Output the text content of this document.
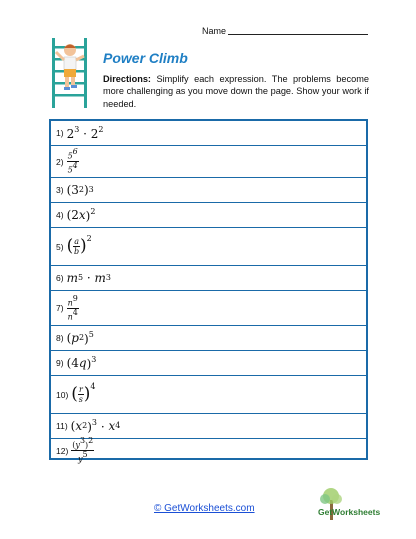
Name
Power Climb
Directions: Simplify each expression. The problems become more challenging as you move down the page. Show your work if needed.
1) $2^3 \cdot 2^2$
$2) \frac{5^6}{5^4}$
3) ($3^2$ )$^3$
4) (2 x )$^2$
5) ( $\frac{a}{b} )^2$
6) $m^5$
· $m^3$
$7) \frac{n^9}{n^4}$
8) ( $p^2$ )$^5$
9) (4 q )$^3$
10) ( $\frac{r}{s} )^4$
11) ( $x^2$ )$^3 \cdot x^4$
$12) \frac{(y^3)^2}{y^5}$
© GetWorksheets.com	GetWorksheets
